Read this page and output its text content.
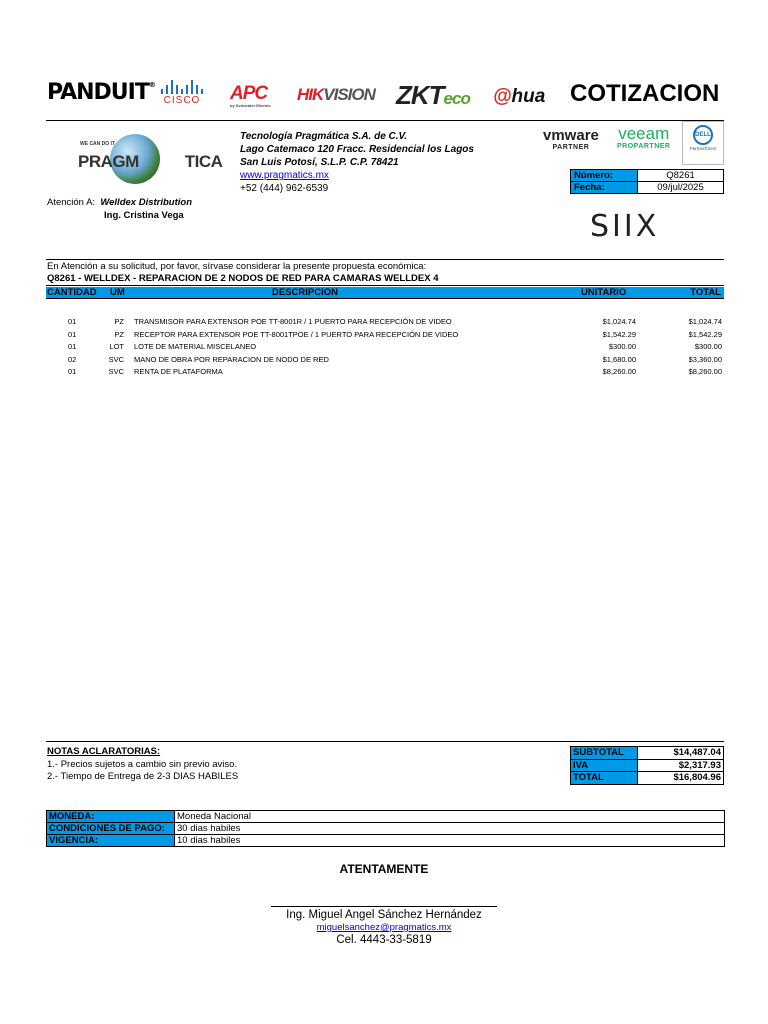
PANDUIT®
CISCO	APC
by Schneider Electric
HIKVISION ZKTeco @hua COTIZACION
WE CAN DO IT
PRAGM	TICA
Tecnología Pragmática S.A. de C.V.
Lago Catemaco 120 Fracc. Residencial los Lagos
San Luis Potosí, S.L.P. C.P. 78421
www.pragmatics.mx
+52 (444) 962-6539
Atención A: Welldex Distribution
Ing. Cristina Vega
vmware
PARTNER
veeam
PROPARTNER
DELL
PartnerDirect
Número:	Q8261
Fecha:	09/jul/2025
SIIX
En Atención a su solicitud, por favor, sírvase considerar la presente propuesta económica:
Q8261 - WELLDEX - REPARACION DE 2 NODOS DE RED PARA CAMARAS WELLDEX 4
CANTIDAD UM	DESCRIPCION	UNITARIO	TOTAL
01	PZ TRANSMISOR PARA EXTENSOR POE TT-8001R / 1 PUERTO PARA RECEPCIÓN DE VIDEO	$1,024.74	$1,024.74
01	PZ RECEPTOR PARA EXTENSOR POE TT-8001TPOE / 1 PUERTO PARA RECEPCIÓN DE VIDEO	$1,542.29	$1,542.29
01	LOT LOTE DE MATERIAL MISCELANEO	$300.00	$300.00
02	SVC MANO DE OBRA POR REPARACION DE NODO DE RED	$1,680.00	$3,360.00
01	SVC RENTA DE PLATAFORMA	$8,260.00	$8,260.00
NOTAS ACLARATORIAS:
1.- Precios sujetos a cambio sin previo aviso.
2.- Tiempo de Entrega de 2-3 DIAS HABILES
SUBTOTAL	$14,487.04
IVA	$2,317.93
TOTAL	$16,804.96
MONEDA:	Moneda Nacional
CONDICIONES DE PAGO:	30 dias habiles
VIGENCIA:	10 dias habiles
ATENTAMENTE
Ing. Miguel Angel Sánchez Hernández
miguelsanchez@pragmatics.mx
Cel. 4443-33-5819
